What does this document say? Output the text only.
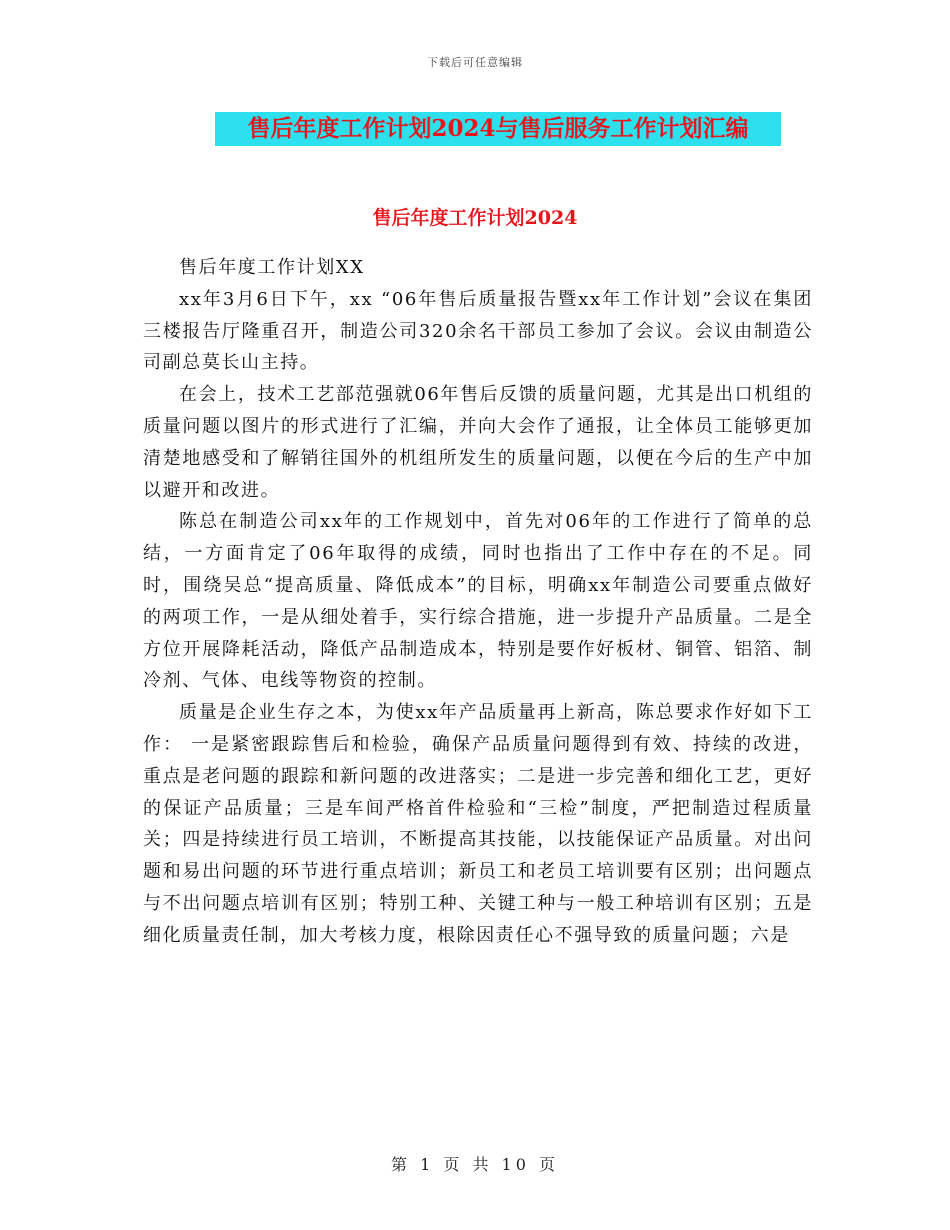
下载后可任意编辑
售后年度工作计划2024与售后服务工作计划汇编
售后年度工作计划2024

售后年度工作计划XX

xx年3月6日下午，xx “06年售后质量报告暨xx年工作计划”会议在集团三楼报告厅隆重召开，制造公司320余名干部员工参加了会议。会议由制造公司副总莫长山主持。

在会上，技术工艺部范强就06年售后反馈的质量问题，尤其是出口机组的质量问题以图片的形式进行了汇编，并向大会作了通报，让全体员工能够更加清楚地感受和了解销往国外的机组所发生的质量问题，以便在今后的生产中加以避开和改进。

陈总在制造公司xx年的工作规划中，首先对06年的工作进行了简单的总结，一方面肯定了06年取得的成绩，同时也指出了工作中存在的不足。同时，围绕吴总“提高质量、降低成本”的目标，明确xx年制造公司要重点做好的两项工作，一是从细处着手，实行综合措施，进一步提升产品质量。二是全方位开展降耗活动，降低产品制造成本，特别是要作好板材、铜管、铝箔、制冷剂、气体、电线等物资的控制。

质量是企业生存之本，为使xx年产品质量再上新高，陈总要求作好如下工作： 一是紧密跟踪售后和检验，确保产品质量问题得到有效、持续的改进，重点是老问题的跟踪和新问题的改进落实；二是进一步完善和细化工艺，更好的保证产品质量；三是车间严格首件检验和“三检”制度，严把制造过程质量关；四是持续进行员工培训，不断提高其技能，以技能保证产品质量。对出问题和易出问题的环节进行重点培训；新员工和老员工培训要有区别；出问题点与不出问题点培训有区别；特别工种、关键工种与一般工种培训有区别；五是细化质量责任制，加大考核力度，根除因责任心不强导致的质量问题；六是

第 1 页 共 10 页
